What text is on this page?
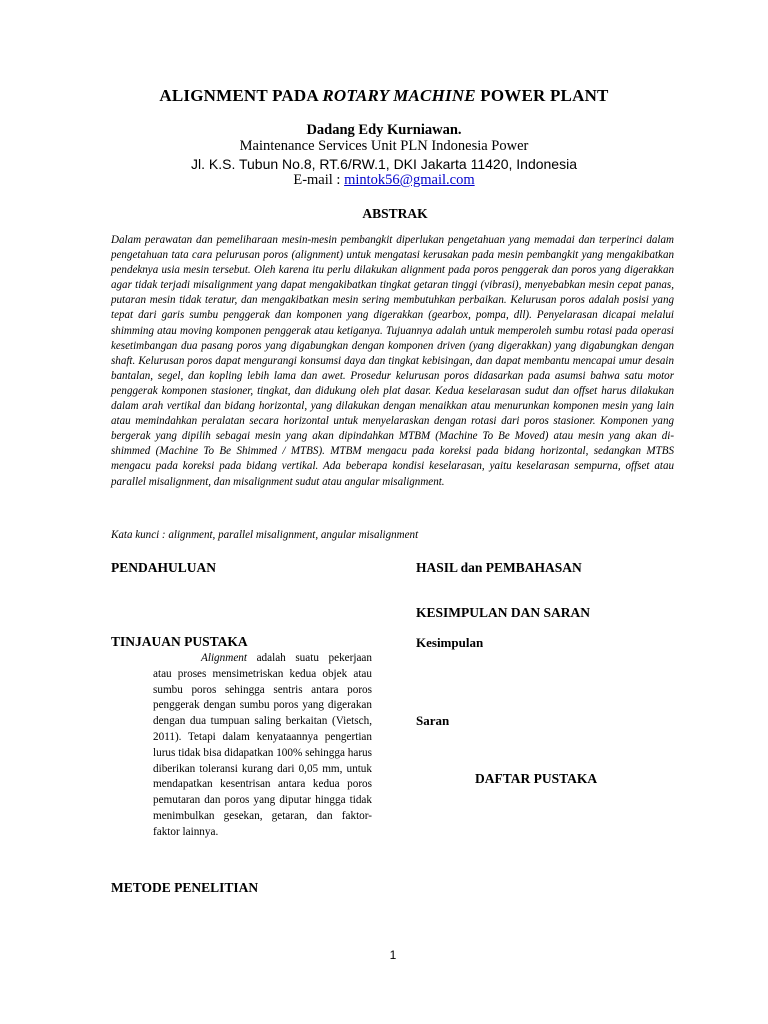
ALIGNMENT PADA ROTARY MACHINE POWER PLANT
Dadang Edy Kurniawan.
Maintenance Services Unit PLN Indonesia Power
Jl. K.S. Tubun No.8, RT.6/RW.1, DKI Jakarta 11420, Indonesia
E-mail : mintok56@gmail.com
ABSTRAK
Dalam perawatan dan pemeliharaan mesin-mesin pembangkit diperlukan pengetahuan yang memadai dan terperinci dalam pengetahuan tata cara pelurusan poros (alignment) untuk mengatasi kerusakan pada mesin pembangkit yang mengakibatkan pendeknya usia mesin tersebut. Oleh karena itu perlu dilakukan alignment pada poros penggerak dan poros yang digerakkan agar tidak terjadi misalignment yang dapat mengakibatkan tingkat getaran tinggi (vibrasi), menyebabkan mesin cepat panas, putaran mesin tidak teratur, dan mengakibatkan mesin sering membutuhkan perbaikan. Kelurusan poros adalah posisi yang tepat dari garis sumbu penggerak dan komponen yang digerakkan (gearbox, pompa, dll). Penyelarasan dicapai melalui shimming atau moving komponen penggerak atau ketiganya. Tujuannya adalah untuk memperoleh sumbu rotasi pada operasi kesetimbangan dua pasang poros yang digabungkan dengan komponen driven (yang digerakkan) yang digabungkan dengan shaft. Kelurusan poros dapat mengurangi konsumsi daya dan tingkat kebisingan, dan dapat membantu mencapai umur desain bantalan, segel, dan kopling lebih lama dan awet. Prosedur kelurusan poros didasarkan pada asumsi bahwa satu motor penggerak komponen stasioner, tingkat, dan didukung oleh plat dasar. Kedua keselarasan sudut dan offset harus dilakukan dalam arah vertikal dan bidang horizontal, yang dilakukan dengan menaikkan atau menurunkan komponen mesin yang lain atau memindahkan peralatan secara horizontal untuk menyelaraskan dengan rotasi dari poros stasioner. Komponen yang bergerak yang dipilih sebagai mesin yang akan dipindahkan MTBM (Machine To Be Moved) atau mesin yang akan di-shimmed (Machine To Be Shimmed / MTBS). MTBM mengacu pada koreksi pada bidang horizontal, sedangkan MTBS mengacu pada koreksi pada bidang vertikal. Ada beberapa kondisi keselarasan, yaitu keselarasan sempurna, offset atau parallel misalignment, dan misalignment sudut atau angular misalignment.
Kata kunci : alignment, parallel misalignment, angular misalignment
PENDAHULUAN
TINJAUAN PUSTAKA
Alignment adalah suatu pekerjaan atau proses mensimetriskan kedua objek atau sumbu poros sehingga sentris antara poros penggerak dengan sumbu poros yang digerakan dengan dua tumpuan saling berkaitan (Vietsch, 2011). Tetapi dalam kenyataannya pengertian lurus tidak bisa didapatkan 100% sehingga harus diberikan toleransi kurang dari 0,05 mm, untuk mendapatkan kesentrisan antara kedua poros pemutaran dan poros yang diputar hingga tidak menimbulkan gesekan, getaran, dan faktor-faktor lainnya.
METODE PENELITIAN
HASIL dan PEMBAHASAN
KESIMPULAN DAN SARAN
Kesimpulan
Saran
DAFTAR PUSTAKA
1
